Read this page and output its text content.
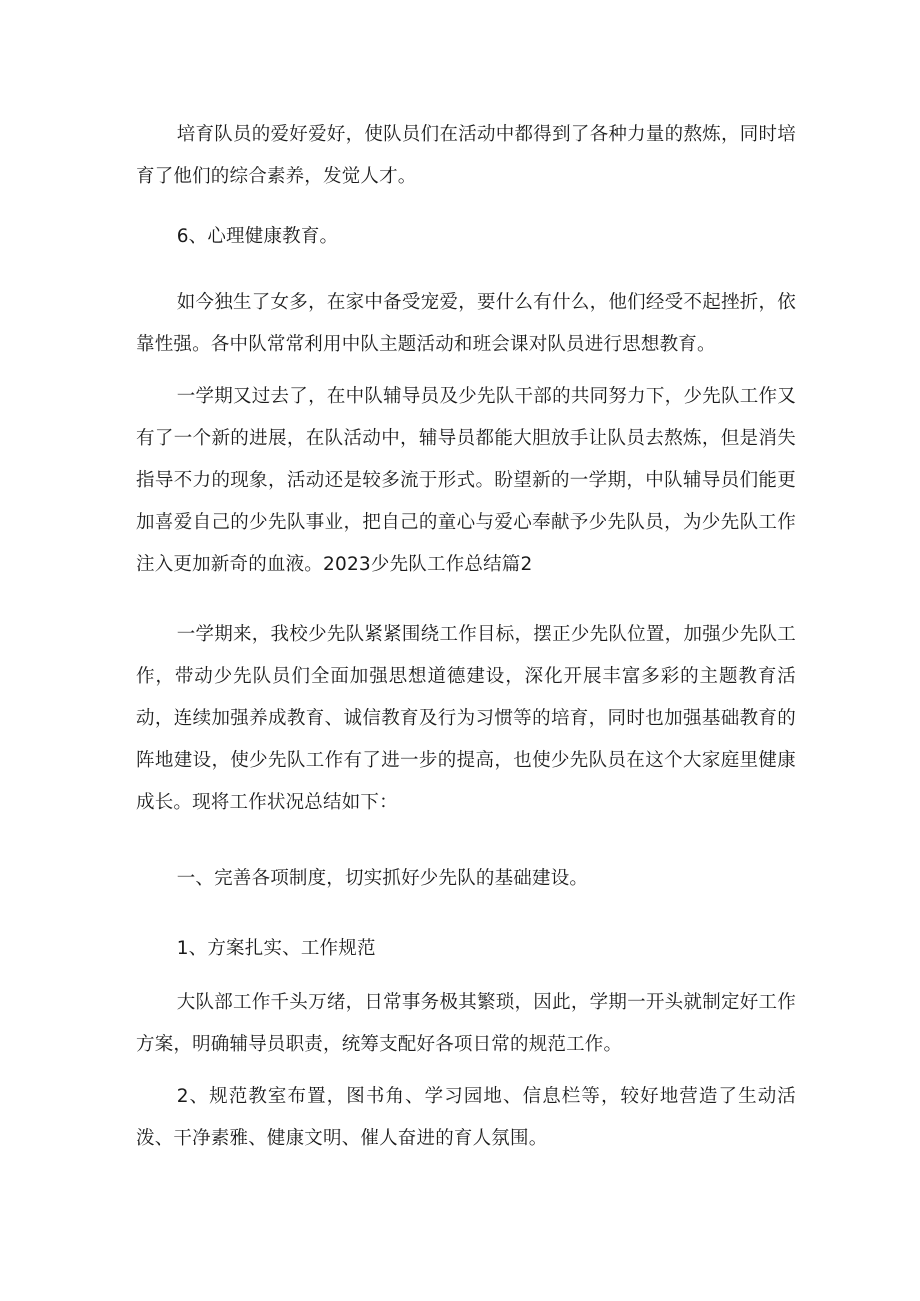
培育队员的爱好爱好，使队员们在活动中都得到了各种力量的熬炼，同时培育了他们的综合素养，发觉人才。

6、心理健康教育。

如今独生了女多，在家中备受宠爱，要什么有什么，他们经受不起挫折，依靠性强。各中队常常利用中队主题活动和班会课对队员进行思想教育。

一学期又过去了，在中队辅导员及少先队干部的共同努力下，少先队工作又有了一个新的进展，在队活动中，辅导员都能大胆放手让队员去熬炼，但是消失指导不力的现象，活动还是较多流于形式。盼望新的一学期，中队辅导员们能更加喜爱自己的少先队事业，把自己的童心与爱心奉献予少先队员，为少先队工作注入更加新奇的血液。2023少先队工作总结篇2

一学期来，我校少先队紧紧围绕工作目标，摆正少先队位置，加强少先队工作，带动少先队员们全面加强思想道德建设，深化开展丰富多彩的主题教育活动，连续加强养成教育、诚信教育及行为习惯等的培育，同时也加强基础教育的阵地建设，使少先队工作有了进一步的提高，也使少先队员在这个大家庭里健康成长。现将工作状况总结如下：

一、完善各项制度，切实抓好少先队的基础建设。

1、方案扎实、工作规范

大队部工作千头万绪，日常事务极其繁琐，因此，学期一开头就制定好工作方案，明确辅导员职责，统筹支配好各项日常的规范工作。

2、规范教室布置，图书角、学习园地、信息栏等，较好地营造了生动活泼、干净素雅、健康文明、催人奋进的育人氛围。
